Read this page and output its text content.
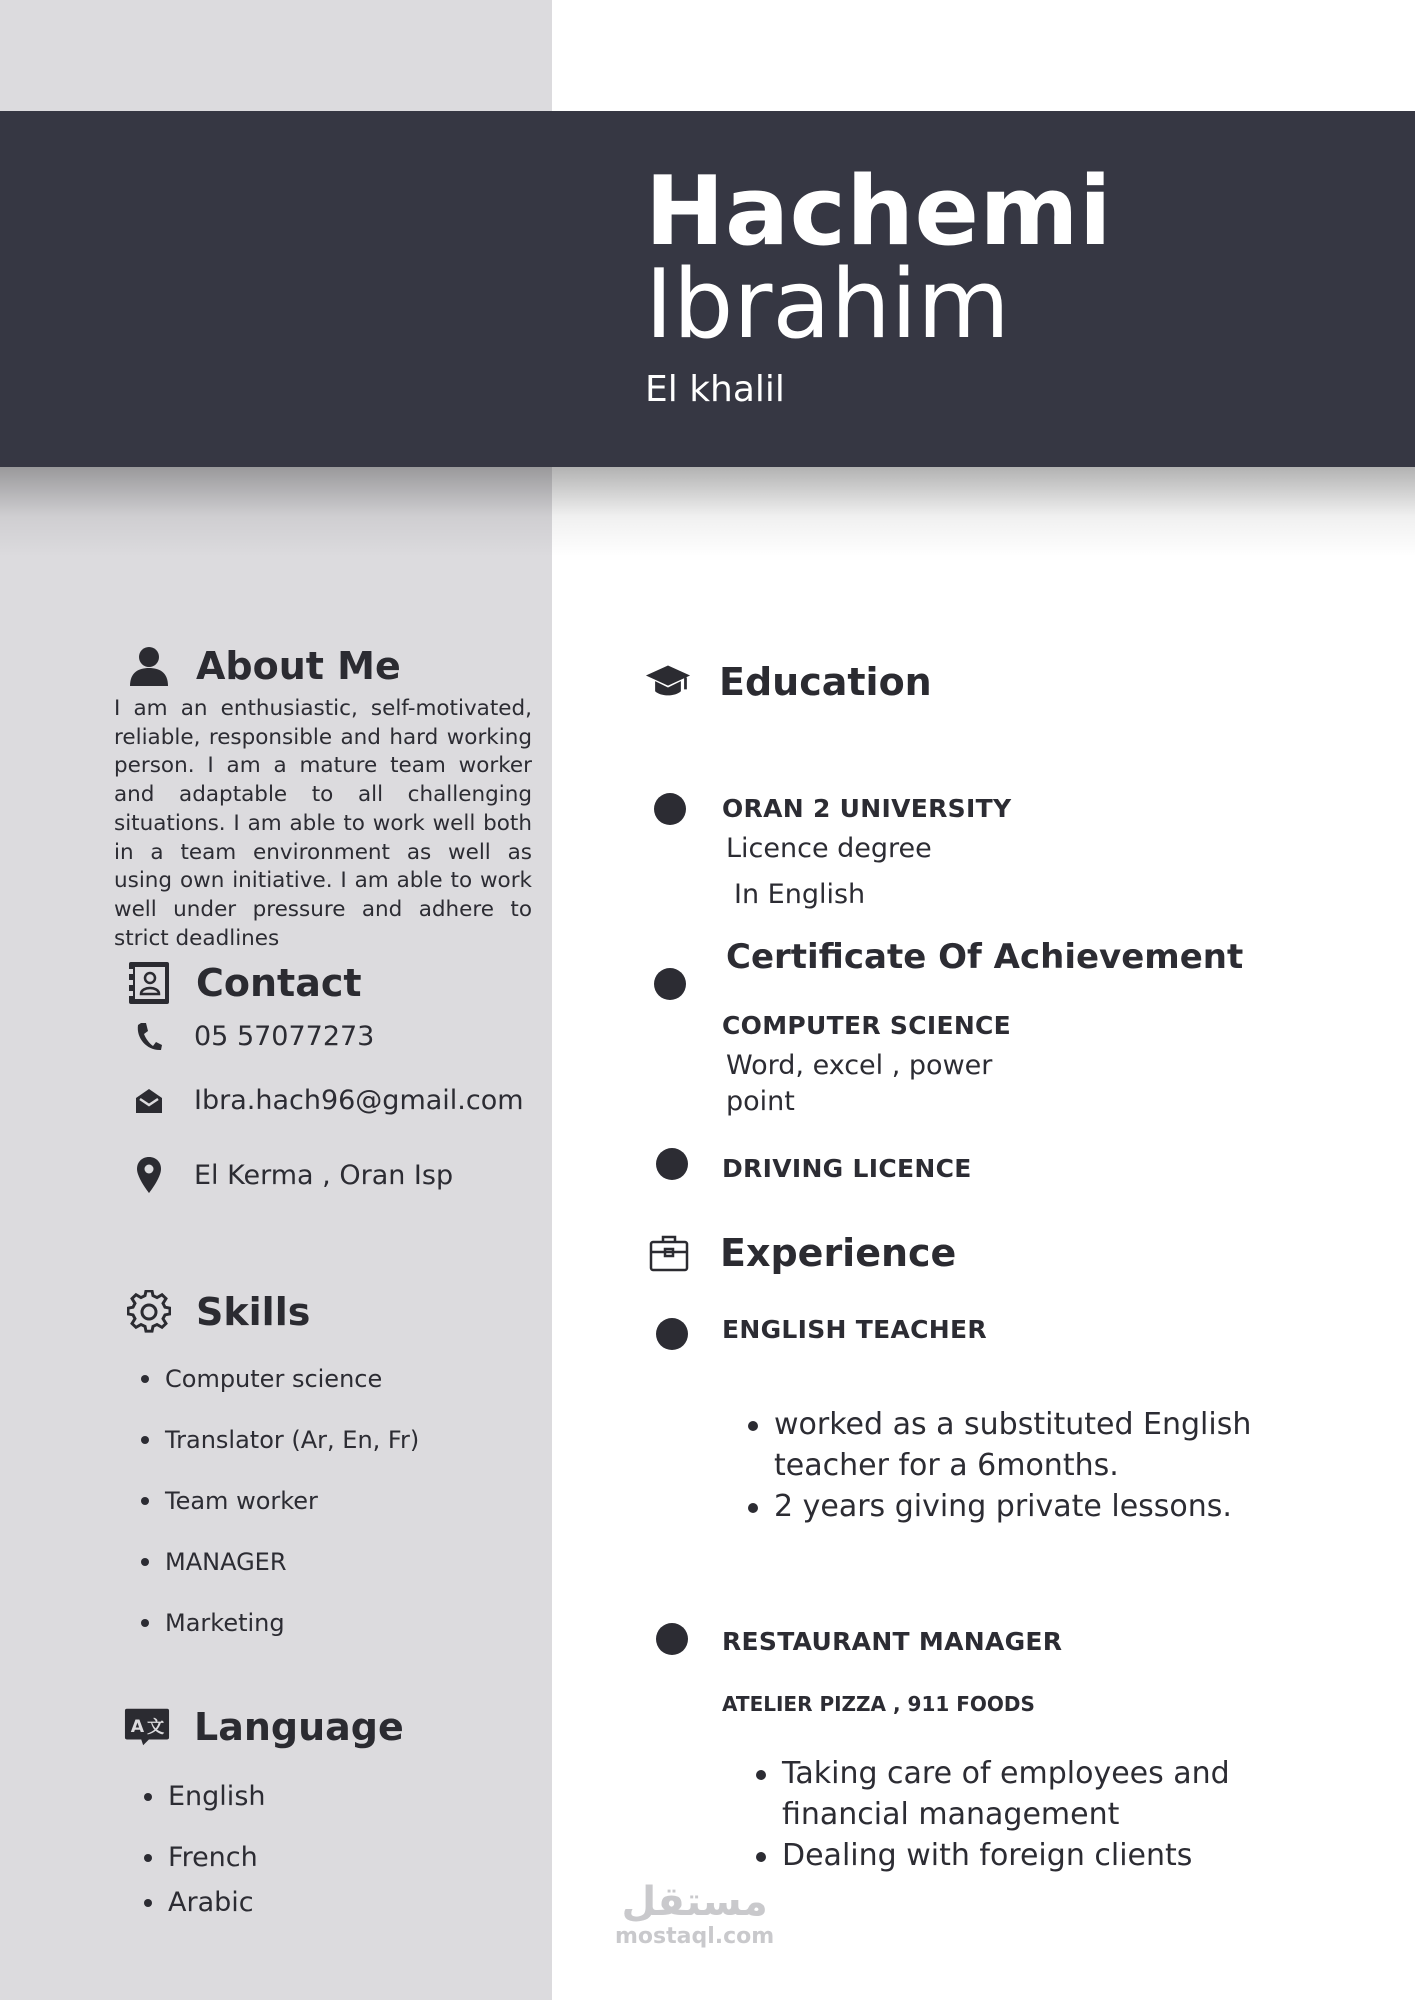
Hachemi
Ibrahim
El khalil
About Me
I am an enthusiastic, self-motivated, reliable, responsible and hard working person. I am a mature team worker and adaptable to all challenging situations. I am able to work well both in a team environment as well as using own initiative. I am able to work well under pressure and adhere to strict deadlines
Contact
05 57077273
Ibra.hach96@gmail.com
El Kerma , Oran Isp
Skills
Computer science
Translator (Ar, En, Fr)
Team worker
MANAGER
Marketing
A 文 Language
English
French
Arabic
Education
ORAN 2 UNIVERSITY
Licence degree
In English
Certificate Of Achievement
COMPUTER SCIENCE
Word, excel , power
point
DRIVING LICENCE
Experience
ENGLISH TEACHER
worked as a substituted English teacher for a 6months.
2 years giving private lessons.
RESTAURANT MANAGER
ATELIER PIZZA , 911 FOODS
Taking care of employees and financial management
Dealing with foreign clients
مستقل
mostaql.com
